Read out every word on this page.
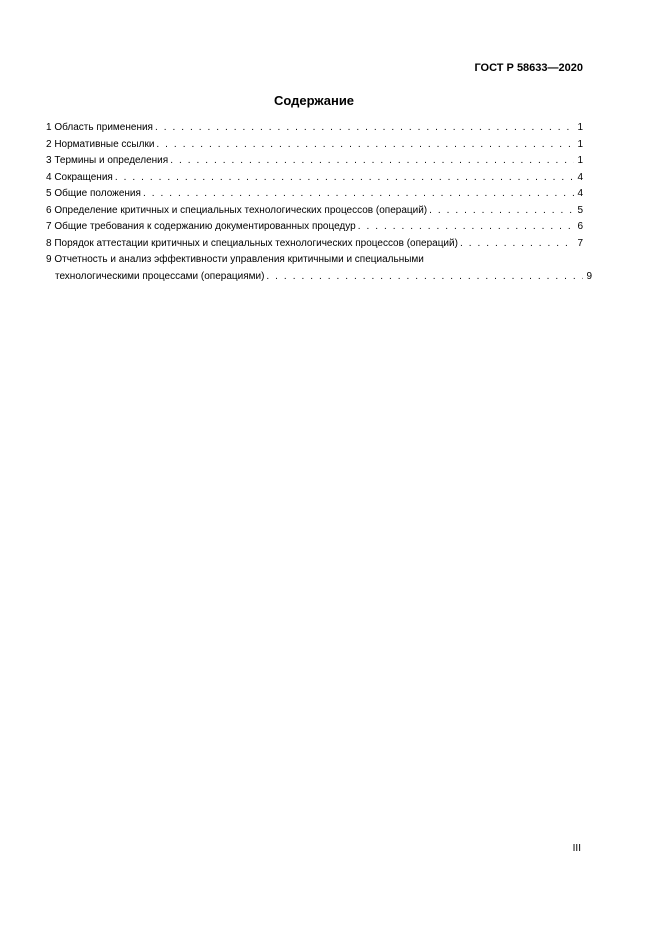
ГОСТ Р 58633—2020
Содержание
1 Область применения . . .	1
2 Нормативные ссылки . . .	1
3 Термины и определения . . .	1
4 Сокращения . . .	4
5 Общие положения . . .	4
6 Определение критичных и специальных технологических процессов (операций) . . .	5
7 Общие требования к содержанию документированных процедур . . .	6
8 Порядок аттестации критичных и специальных технологических процессов (операций) . . .	7
9 Отчетность и анализ эффективности управления критичными и специальными
технологическими процессами (операциями) . . .	9
III
